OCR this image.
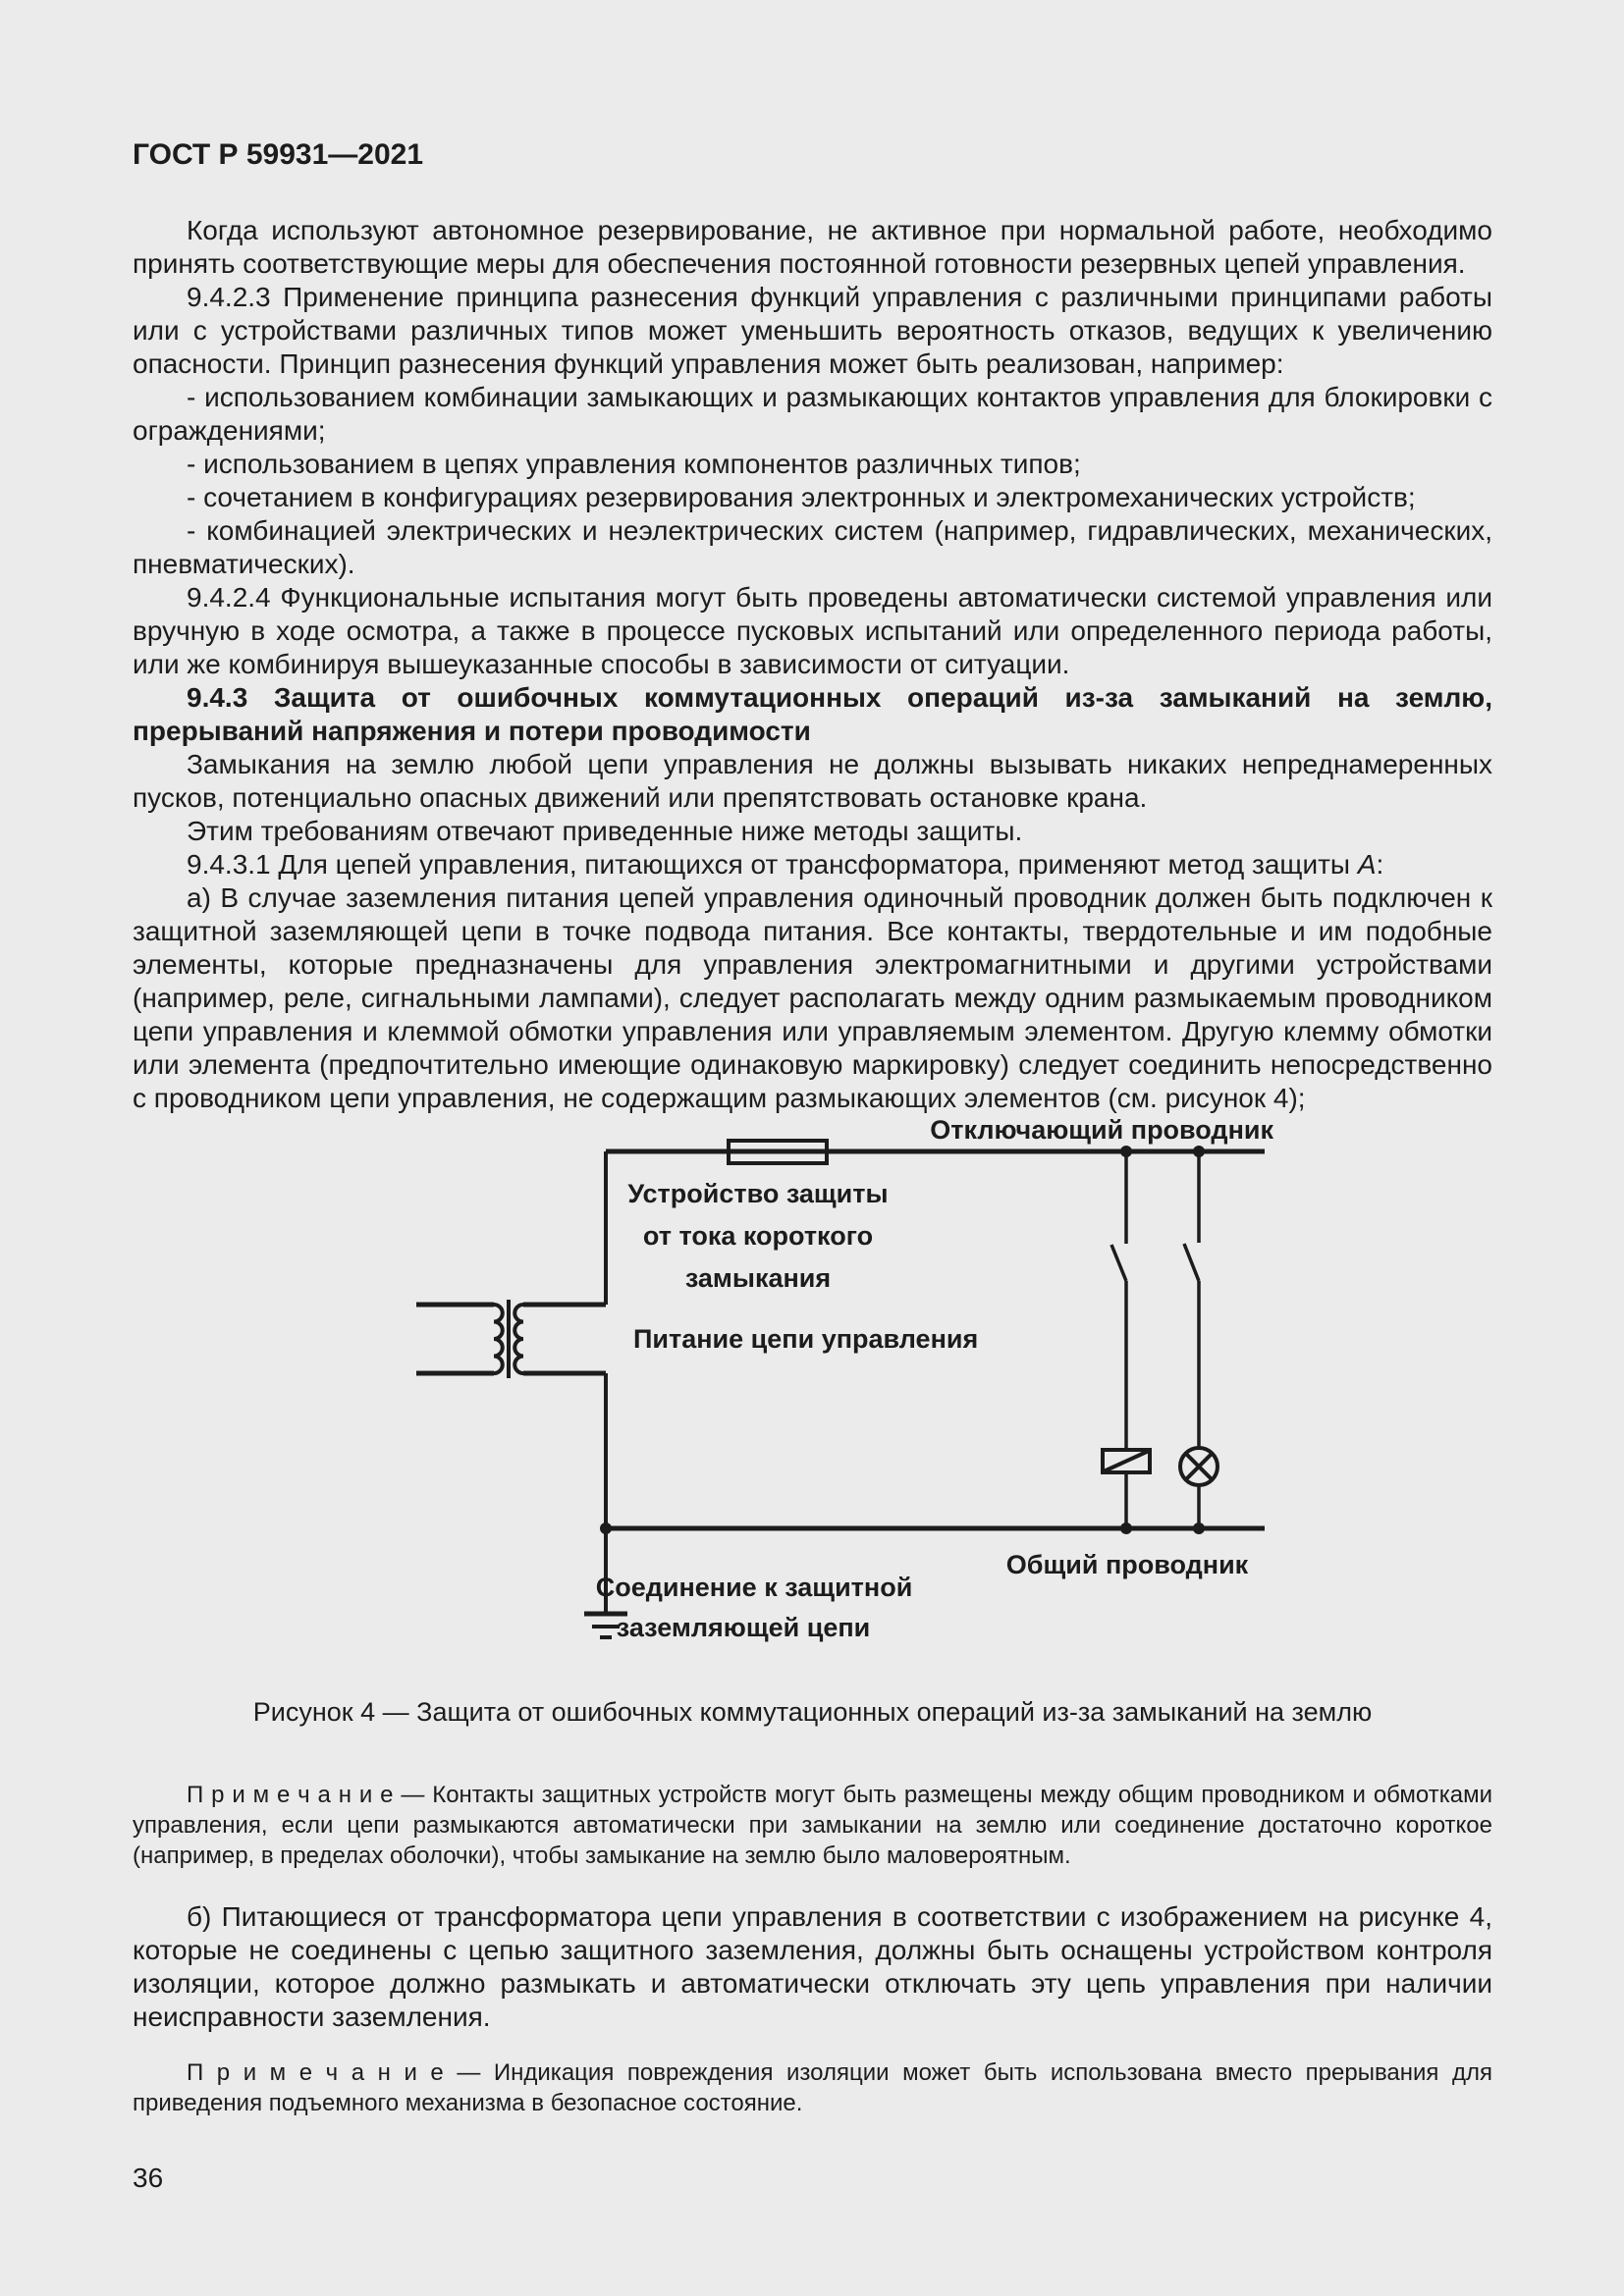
ГОСТ Р 59931—2021

Когда используют автономное резервирование, не активное при нормальной работе, необходимо принять соответствующие меры для обеспечения постоянной готовности резервных цепей управления.

9.4.2.3 Применение принципа разнесения функций управления с различными принципами работы или с устройствами различных типов может уменьшить вероятность отказов, ведущих к увеличению опасности. Принцип разнесения функций управления может быть реализован, например:

- использованием комбинации замыкающих и размыкающих контактов управления для блокировки с ограждениями;

- использованием в цепях управления компонентов различных типов;

- сочетанием в конфигурациях резервирования электронных и электромеханических устройств;

- комбинацией электрических и неэлектрических систем (например, гидравлических, механических, пневматических).

9.4.2.4 Функциональные испытания могут быть проведены автоматически системой управления или вручную в ходе осмотра, а также в процессе пусковых испытаний или определенного периода работы, или же комбинируя вышеуказанные способы в зависимости от ситуации.

9.4.3 Защита от ошибочных коммутационных операций из-за замыканий на землю, прерываний напряжения и потери проводимости

Замыкания на землю любой цепи управления не должны вызывать никаких непреднамеренных пусков, потенциально опасных движений или препятствовать остановке крана.

Этим требованиям отвечают приведенные ниже методы защиты.

9.4.3.1 Для цепей управления, питающихся от трансформатора, применяют метод защиты А:

а) В случае заземления питания цепей управления одиночный проводник должен быть подключен к защитной заземляющей цепи в точке подвода питания. Все контакты, твердотельные и им подобные элементы, которые предназначены для управления электромагнитными и другими устройствами (например, реле, сигнальными лампами), следует располагать между одним размыкаемым проводником цепи управления и клеммой обмотки управления или управляемым элементом. Другую клемму обмотки или элемента (предпочтительно имеющие одинаковую маркировку) следует соединить непосредственно с проводником цепи управления, не содержащим размыкающих элементов (см. рисунок 4);

Отключающий проводник
Устройство защиты
от тока короткого
замыкания
Питание цепи управления
Соединение к защитной
заземляющей цепи
Общий проводник

Рисунок 4 — Защита от ошибочных коммутационных операций из-за замыканий на землю

П р и м е ч а н и е — Контакты защитных устройств могут быть размещены между общим проводником и обмотками управления, если цепи размыкаются автоматически при замыкании на землю или соединение достаточно короткое (например, в пределах оболочки), чтобы замыкание на землю было маловероятным.

б) Питающиеся от трансформатора цепи управления в соответствии с изображением на рисунке 4, которые не соединены с цепью защитного заземления, должны быть оснащены устройством контроля изоляции, которое должно размыкать и автоматически отключать эту цепь управления при наличии неисправности заземления.

П р и м е ч а н и е — Индикация повреждения изоляции может быть использована вместо прерывания для приведения подъемного механизма в безопасное состояние.

36
